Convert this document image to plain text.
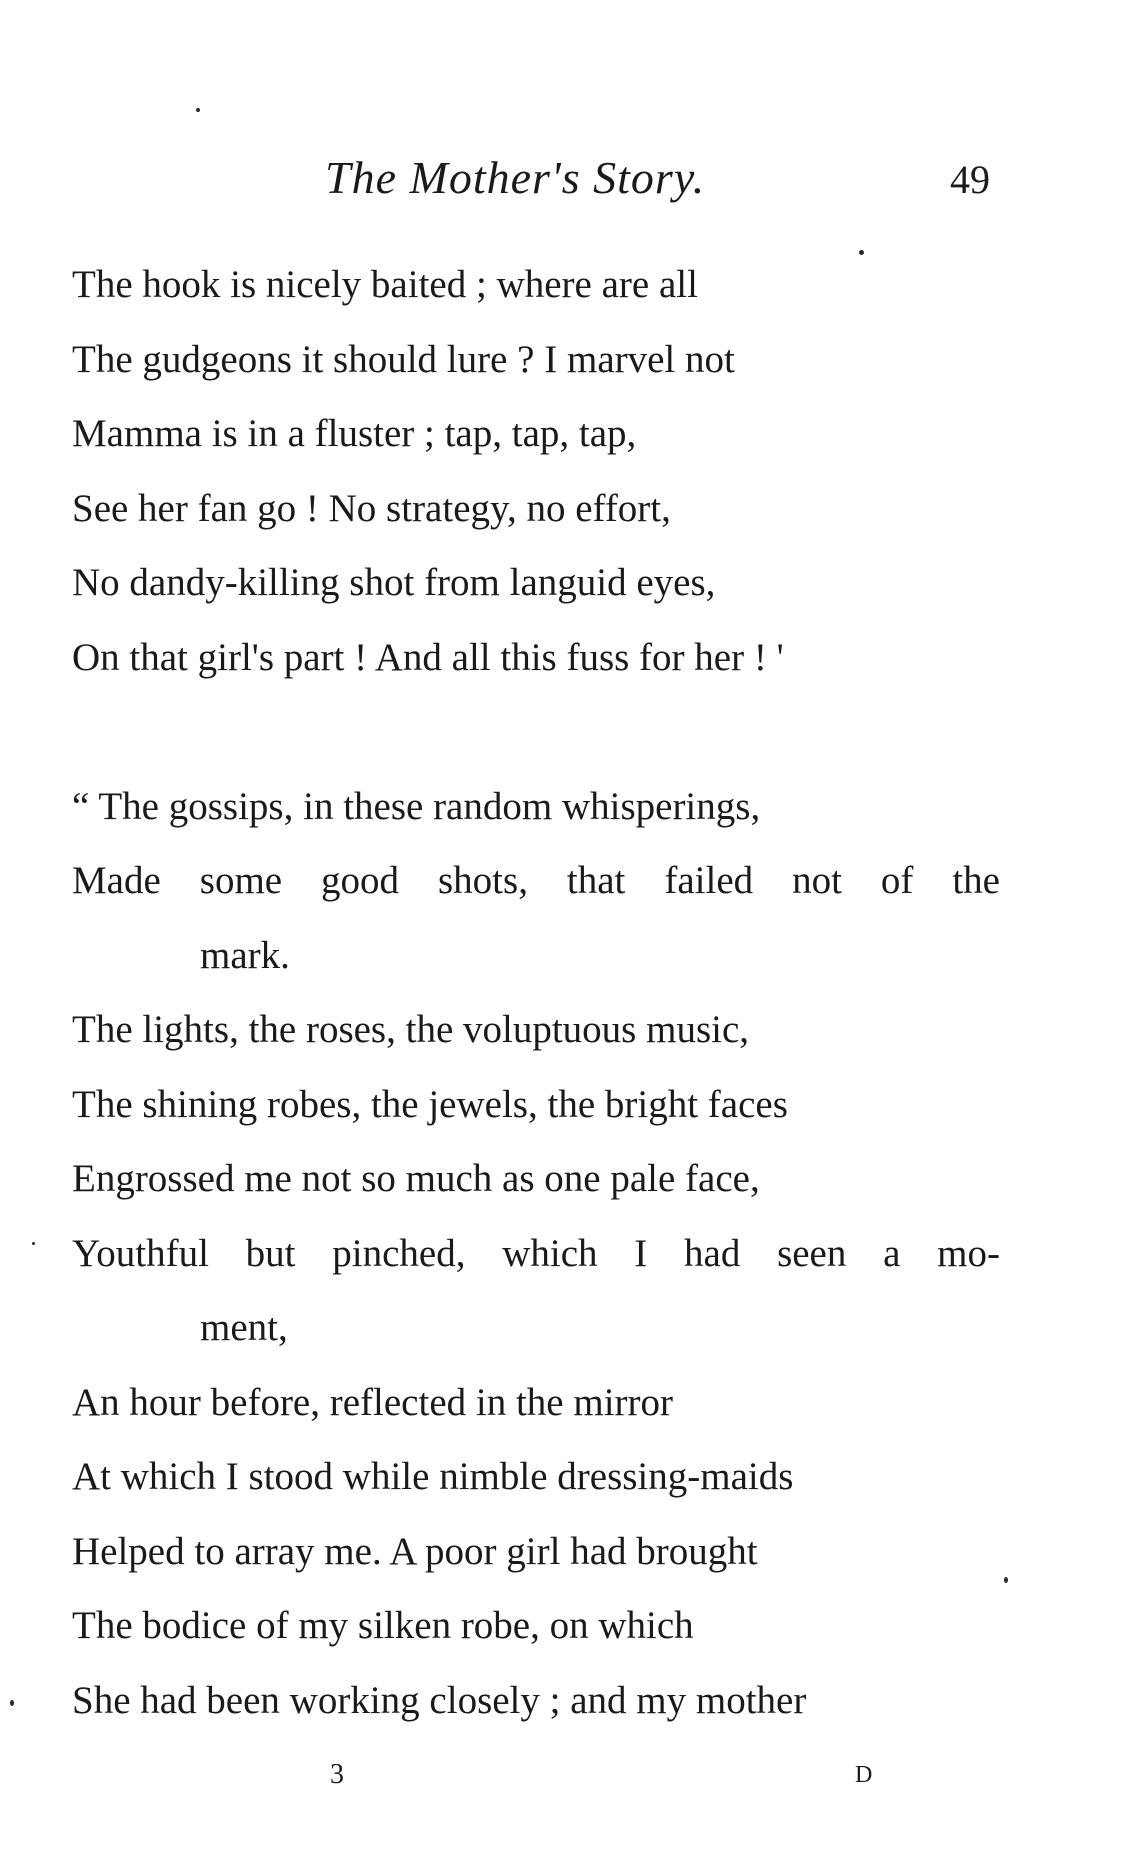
The Mother's Story.	49
The hook is nicely baited ; where are all
The gudgeons it should lure ? I marvel not
Mamma is in a fluster ; tap, tap, tap,
See her fan go ! No strategy, no effort,
No dandy-killing shot from languid eyes,
On that girl's part ! And all this fuss for her ! '
“ The gossips, in these random whisperings,
Made some good shots, that failed not of the
mark.
The lights, the roses, the voluptuous music,
The shining robes, the jewels, the bright faces
Engrossed me not so much as one pale face,
Youthful but pinched, which I had seen a mo-
ment,
An hour before, reflected in the mirror
At which I stood while nimble dressing-maids
Helped to array me. A poor girl had brought
The bodice of my silken robe, on which
She had been working closely ; and my mother
3	D
